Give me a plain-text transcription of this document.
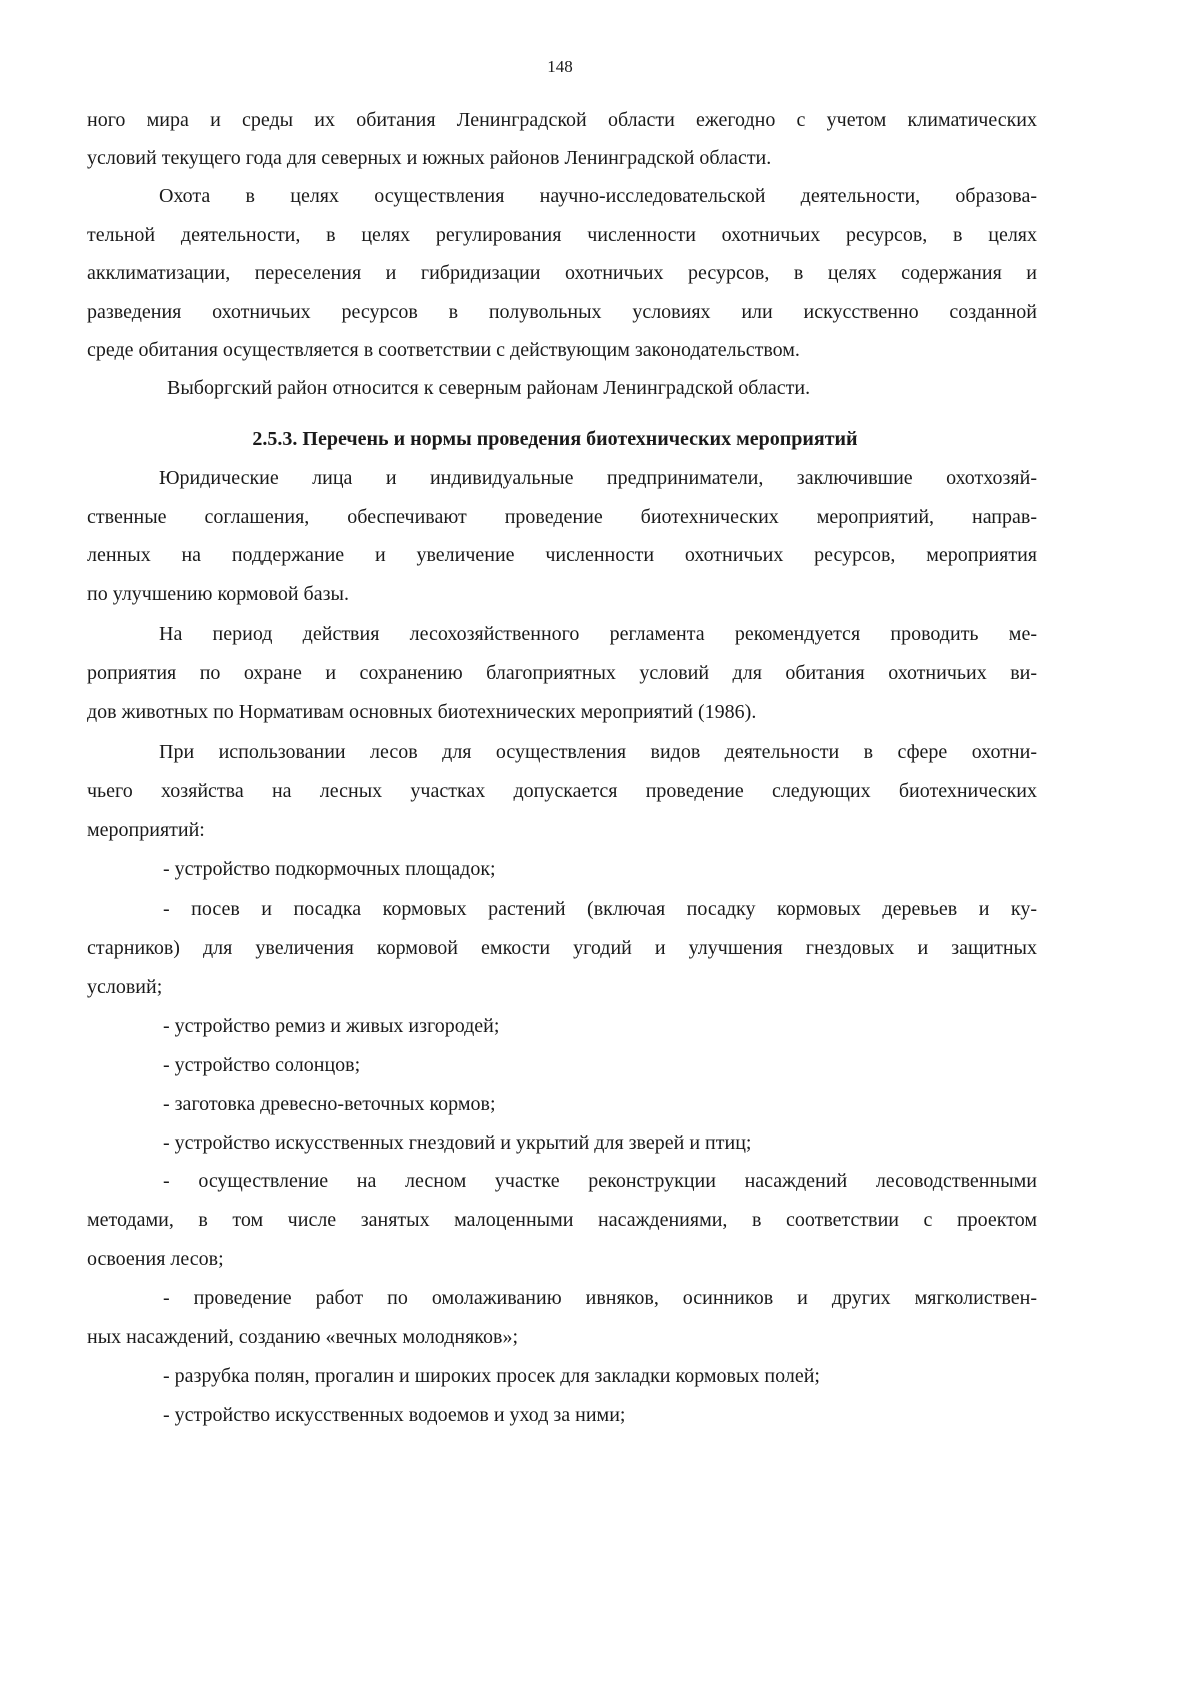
148
ного мира и среды их обитания Ленинградской области ежегодно с учетом климатических
условий текущего года для северных и южных районов Ленинградской области.
Охота в целях осуществления научно-исследовательской деятельности, образова-
тельной деятельности, в целях регулирования численности охотничьих ресурсов, в целях
акклиматизации, переселения и гибридизации охотничьих ресурсов, в целях содержания и
разведения охотничьих ресурсов в полувольных условиях или искусственно созданной
среде обитания осуществляется в соответствии с действующим законодательством.
Выборгский район относится к северным районам Ленинградской области.
2.5.3. Перечень и нормы проведения биотехнических мероприятий
Юридические лица и индивидуальные предприниматели, заключившие охотхозяй-
ственные соглашения, обеспечивают проведение биотехнических мероприятий, направ-
ленных на поддержание и увеличение численности охотничьих ресурсов, мероприятия
по улучшению кормовой базы.
На период действия лесохозяйственного регламента рекомендуется проводить ме-
роприятия по охране и сохранению благоприятных условий для обитания охотничьих ви-
дов животных по Нормативам основных биотехнических мероприятий (1986).
При использовании лесов для осуществления видов деятельности в сфере охотни-
чьего хозяйства на лесных участках допускается проведение следующих биотехнических
мероприятий:
- устройство подкормочных площадок;
- посев и посадка кормовых растений (включая посадку кормовых деревьев и ку-
старников) для увеличения кормовой емкости угодий и улучшения гнездовых и защитных
условий;
- устройство ремиз и живых изгородей;
- устройство солонцов;
- заготовка древесно-веточных кормов;
- устройство искусственных гнездовий и укрытий для зверей и птиц;
- осуществление на лесном участке реконструкции насаждений лесоводственными
методами, в том числе занятых малоценными насаждениями, в соответствии с проектом
освоения лесов;
- проведение работ по омолаживанию ивняков, осинников и других мягколиствен-
ных насаждений, созданию «вечных молодняков»;
- разрубка полян, прогалин и широких просек для закладки кормовых полей;
- устройство искусственных водоемов и уход за ними;
